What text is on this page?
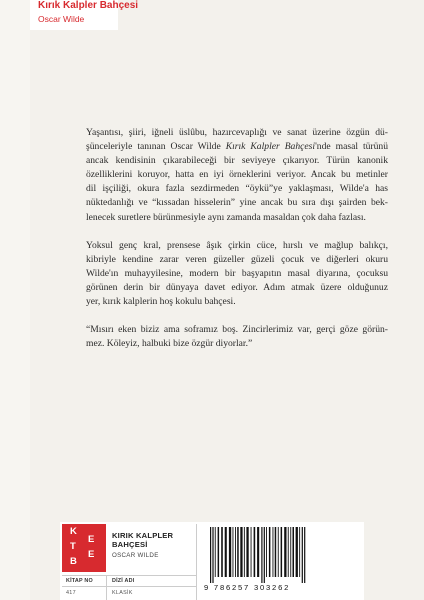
Kırık Kalpler Bahçesi
Oscar Wilde

Yaşantısı, şiiri, iğneli üslûbu, hazırcevaplığı ve sanat üzerine özgün dü-
şünceleriyle tanınan Oscar Wilde Kırık Kalpler Bahçesi'nde masal türünü
ancak kendisinin çıkarabileceği bir seviyeye çıkarıyor. Türün kanonik
özelliklerini koruyor, hatta en iyi örneklerini veriyor. Ancak bu metinler
dil işçiliği, okura fazla sezdirmeden “öykü”ye yaklaşması, Wilde'a has
nüktedanlığı ve “kıssadan hisselerin” yine ancak bu sıra dışı şairden bek-
lenecek suretlere bürünmesiyle aynı zamanda masaldan çok daha fazlası.

Yoksul genç kral, prensese âşık çirkin cüce, hırslı ve mağlup balıkçı,
kibriyle kendine zarar veren güzeller güzeli çocuk ve diğerleri okuru
Wilde'ın muhayyilesine, modern bir başyapıtın masal diyarına, çocuksu
görünen derin bir dünyaya davet ediyor. Adım atmak üzere olduğunuz
yer, kırık kalplerin hoş kokulu bahçesi.

“Mısırı eken biziz ama soframız boş. Zincirlerimiz var, gerçi göze görün-
mez. Köleyiz, halbuki bize özgür diyorlar.”

K
T
B
E
E
KIRIK KALPLER
BAHÇESİ
OSCAR WILDE
KİTAP NO	DİZİ ADI
417	KLASİK
9 786257 303262
